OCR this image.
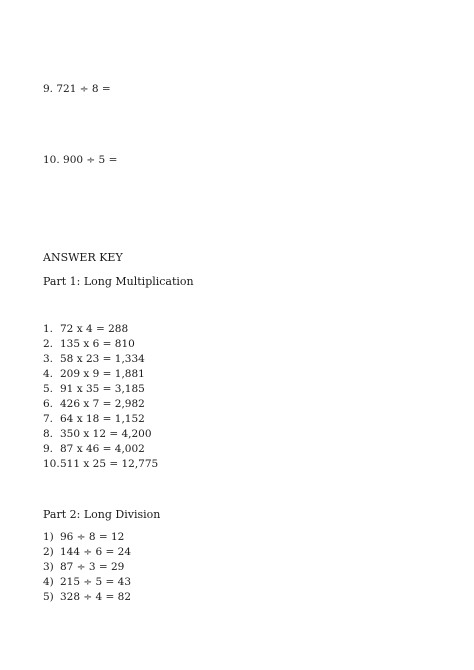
9. 721 ÷ 8 =
10. 900 ÷ 5 =
ANSWER KEY
Part 1: Long Multiplication
1. 72 x 4 = 288
2. 135 x 6 = 810
3. 58 x 23 = 1,334
4. 209 x 9 = 1,881
5. 91 x 35 = 3,185
6. 426 x 7 = 2,982
7. 64 x 18 = 1,152
8. 350 x 12 = 4,200
9. 87 x 46 = 4,002
10.511 x 25 = 12,775
Part 2: Long Division
1) 96 ÷ 8 = 12
2) 144 ÷ 6 = 24
3) 87 ÷ 3 = 29
4) 215 ÷ 5 = 43
5) 328 ÷ 4 = 82
